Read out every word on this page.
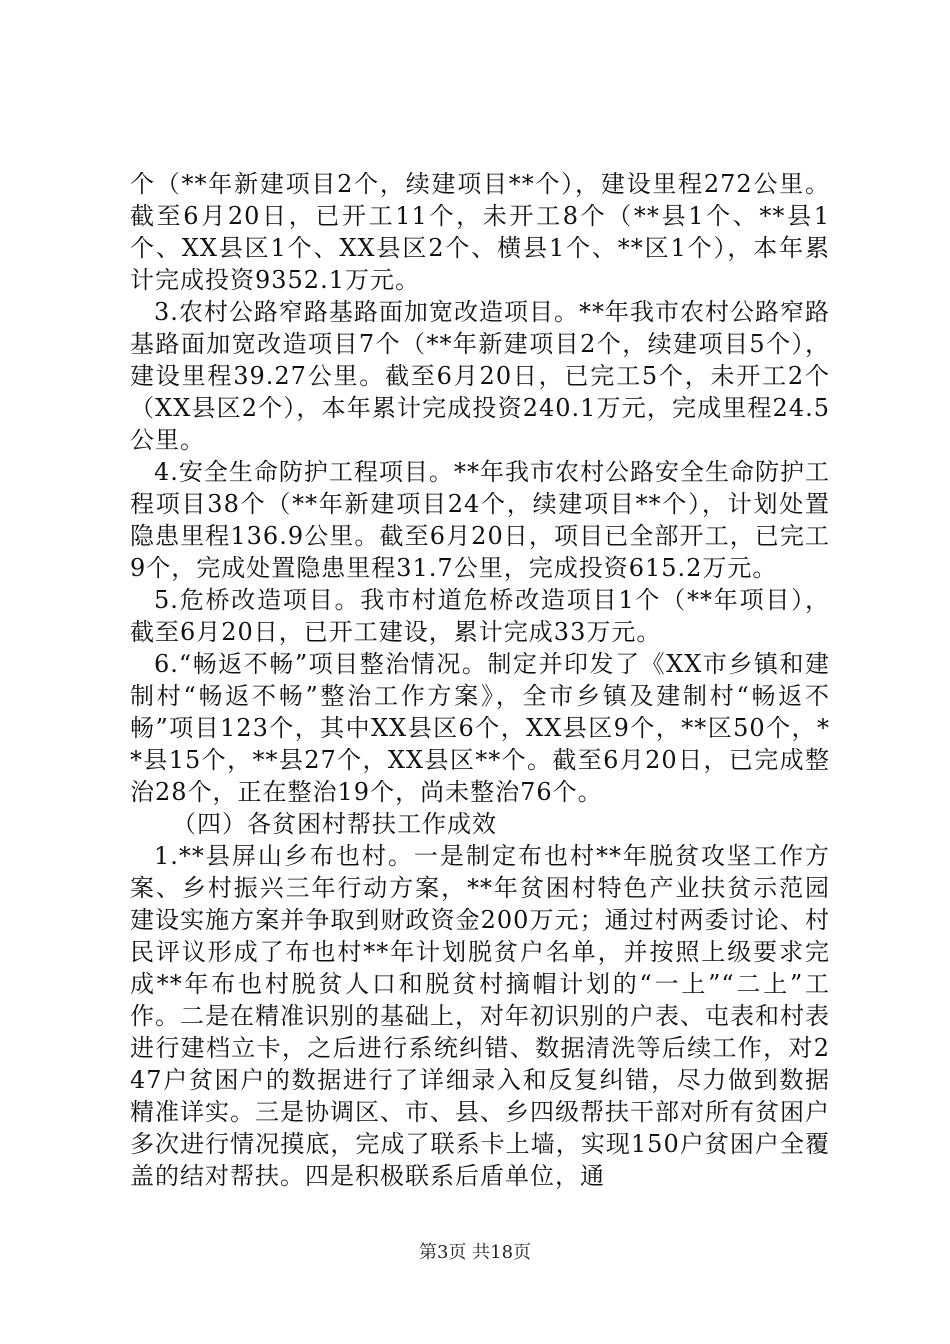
个（**年新建项目2个，续建项目**个），建设里程272公里。截至6月20日，已开工11个，未开工8个（**县1个、**县1个、XX县区1个、XX县区2个、横县1个、**区1个），本年累计完成投资9352.1万元。

3.农村公路窄路基路面加宽改造项目。**年我市农村公路窄路基路面加宽改造项目7个（**年新建项目2个，续建项目5个），建设里程39.27公里。截至6月20日，已完工5个，未开工2个（XX县区2个），本年累计完成投资240.1万元，完成里程24.5公里。

4.安全生命防护工程项目。**年我市农村公路安全生命防护工程项目38个（**年新建项目24个，续建项目**个），计划处置隐患里程136.9公里。截至6月20日，项目已全部开工，已完工9个，完成处置隐患里程31.7公里，完成投资615.2万元。

5.危桥改造项目。我市村道危桥改造项目1个（**年项目），截至6月20日，已开工建设，累计完成33万元。

6.“畅返不畅”项目整治情况。制定并印发了《XX市乡镇和建制村“畅返不畅”整治工作方案》，全市乡镇及建制村“畅返不畅”项目123个，其中XX县区6个，XX县区9个，**区50个，**县15个，**县27个，XX县区**个。截至6月20日，已完成整治28个，正在整治19个，尚未整治76个。

（四）各贫困村帮扶工作成效

1.**县屏山乡布也村。一是制定布也村**年脱贫攻坚工作方案、乡村振兴三年行动方案，**年贫困村特色产业扶贫示范园建设实施方案并争取到财政资金200万元；通过村两委讨论、村民评议形成了布也村**年计划脱贫户名单，并按照上级要求完成**年布也村脱贫人口和脱贫村摘帽计划的“一上”“二上”工作。二是在精准识别的基础上，对年初识别的户表、屯表和村表进行建档立卡，之后进行系统纠错、数据清洗等后续工作，对247户贫困户的数据进行了详细录入和反复纠错，尽力做到数据精准详实。三是协调区、市、县、乡四级帮扶干部对所有贫困户多次进行情况摸底，完成了联系卡上墙，实现150户贫困户全覆盖的结对帮扶。四是积极联系后盾单位，通

第3页 共18页
